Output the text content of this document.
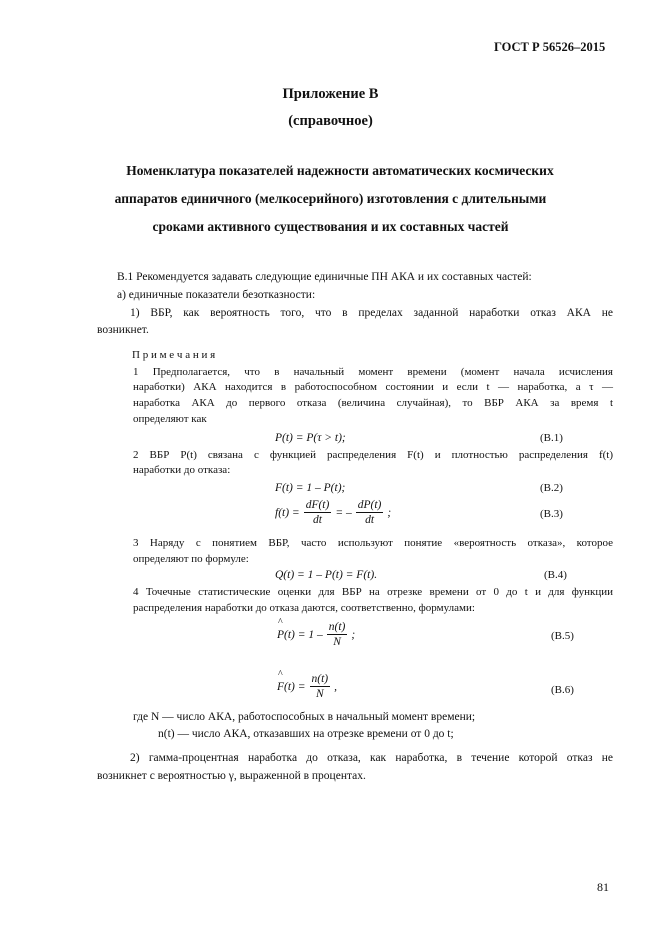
ГОСТ Р 56526–2015
Приложение В
(справочное)
Номенклатура показателей надежности автоматических космических
аппаратов единичного (мелкосерийного) изготовления с длительными
сроками активного существования и их составных частей
В.1 Рекомендуется задавать следующие единичные ПН АКА и их составных частей:
а) единичные показатели безотказности:
1) ВБР, как вероятность того, что в пределах заданной наработки отказ АКА не
возникнет.
П р и м е ч а н и я
1 Предполагается, что в начальный момент времени (момент начала исчисления
наработки) АКА находится в работоспособном состоянии и если t — наработка, а τ —
наработка АКА до первого отказа (величина случайная), то ВБР АКА за время t
определяют как
P(t) = P(τ > t);	(В.1)
2 ВБР P(t) связана с функцией распределения F(t) и плотностью распределения f(t)
наработки до отказа:
F(t) = 1 – P(t);	(В.2)
$f(t) = \frac{dF(t)}{dt}$ = – $\frac{dP(t)}{dt}$ ;	(В.3)
3 Наряду с понятием ВБР, часто используют понятие «вероятность отказа», которое
определяют по формуле:
Q(t) = 1 – P(t) = F(t).	(В.4)
4 Точечные статистические оценки для ВБР на отрезке времени от 0 до t и для функции
распределения наработки до отказа даются, соответственно, формулами:
^
$P(t) = 1 - \frac{n(t)}{N}$ ;	(В.5)
^
$F(t) = \frac{n(t)}{N}$ ,	(В.6)
где N — число АКА, работоспособных в начальный момент времени;
n(t) — число АКА, отказавших на отрезке времени от 0 до t;
2) гамма-процентная наработка до отказа, как наработка, в течение которой отказ не
возникнет с вероятностью γ, выраженной в процентах.
81
